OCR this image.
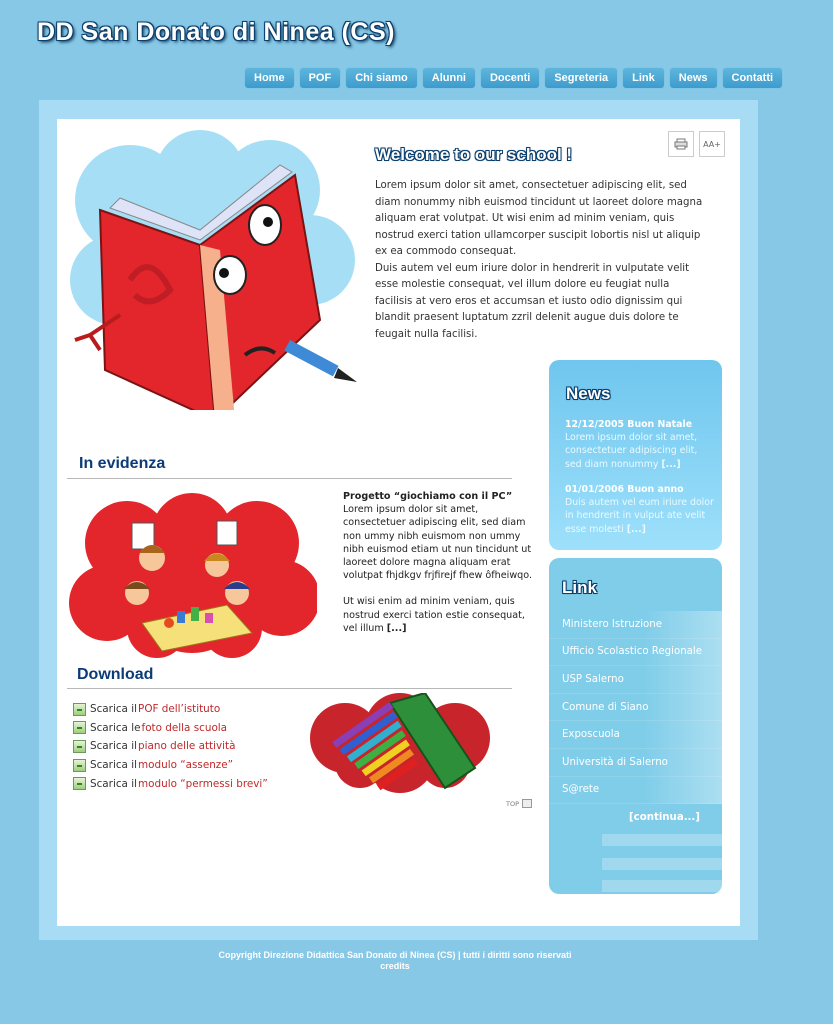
DD San Donato di Ninea (CS)
Home	POF	Chi siamo	Alunni	Docenti	Segreteria	Link	News	Contatti
AA+
Welcome to our school !

Lorem ipsum dolor sit amet, consectetuer adipiscing elit, sed diam nonummy nibh euismod tincidunt ut laoreet dolore magna aliquam erat volutpat. Ut wisi enim ad minim veniam, quis nostrud exerci tation ullamcorper suscipit lobortis nisl ut aliquip ex ea commodo consequat.

Duis autem vel eum iriure dolor in hendrerit in vulputate velit esse molestie consequat, vel illum dolore eu feugiat nulla facilisis at vero eros et accumsan et iusto odio dignissim qui blandit praesent luptatum zzril delenit augue duis dolore te feugait nulla facilisi.

In evidenza
Progetto “giochiamo con il PC”
Lorem ipsum dolor sit amet, consectetuer adipiscing elit, sed diam non ummy nibh euismom non ummy nibh euismod etiam ut nun tincidunt ut laoreet dolore magna aliquam erat volutpat fhjdkgv frjfirejf fhew ôfheiwqo.
Ut wisi enim ad minim veniam, quis nostrud exerci tation estie consequat, vel illum [...]
Download
Scarica il
  POF dell’istituto
Scarica le
  foto della scuola
Scarica il
  piano delle attività
Scarica il
  modulo “assenze”
Scarica il
  modulo “permessi brevi”
TOP
News
12/12/2005 Buon Natale
Lorem ipsum dolor sit amet, consectetuer adipiscing elit, sed diam nonummy [...]
01/01/2006 Buon anno
Duis autem vel eum iriure dolor in hendrerit in vulput ate velit esse molesti [...]
Link
Ministero Istruzione
Ufficio Scolastico Regionale
USP Salerno
Comune di Siano
Exposcuola
Università di Salerno
S@rete
[continua...]
Copyright Direzione Didattica San Donato di Ninea (CS) | tutti i diritti sono riservati
credits
